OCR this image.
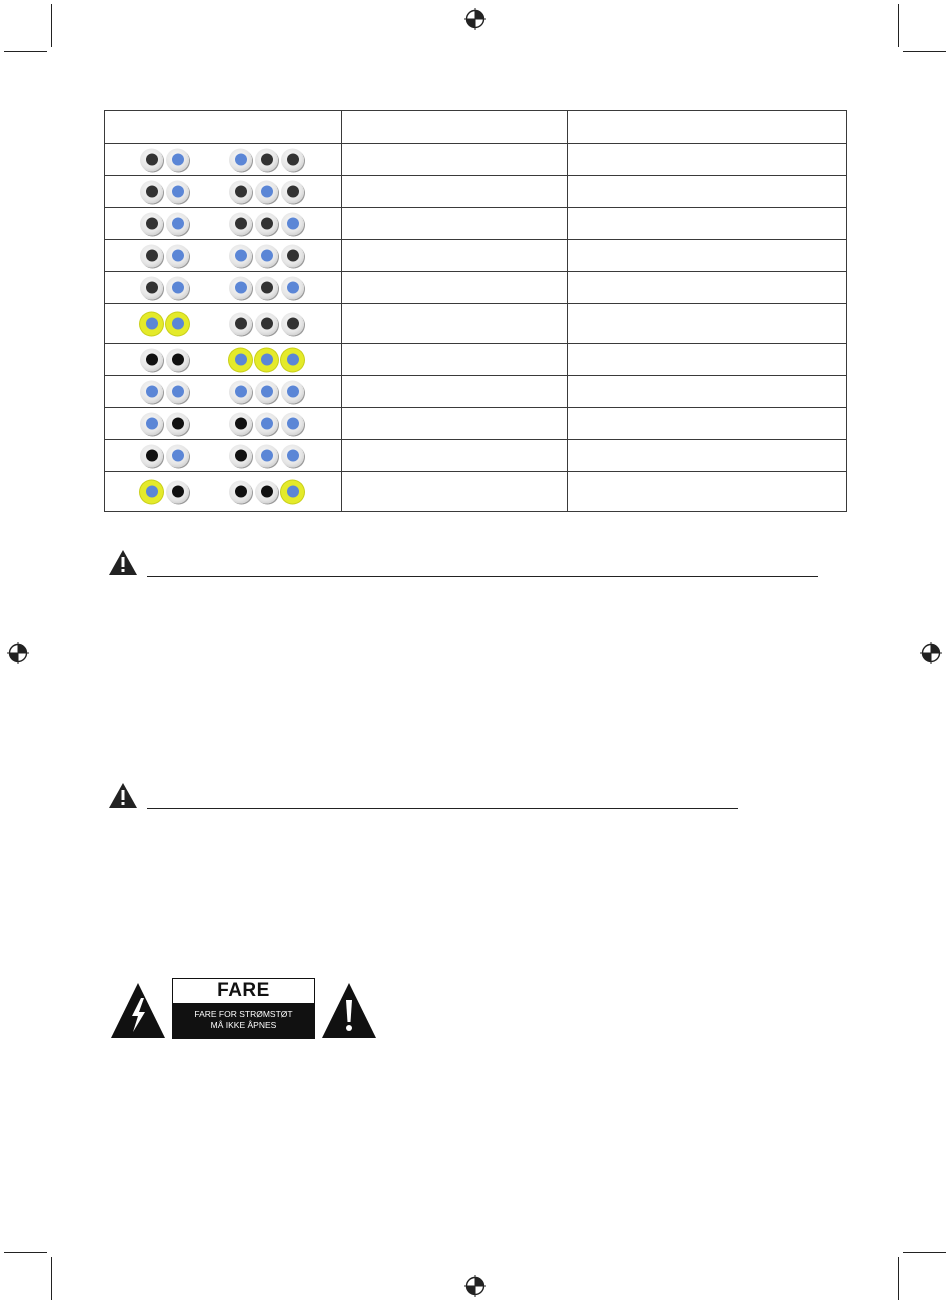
FARE
FARE FOR STRØMSTØT
MÅ IKKE ÅPNES
